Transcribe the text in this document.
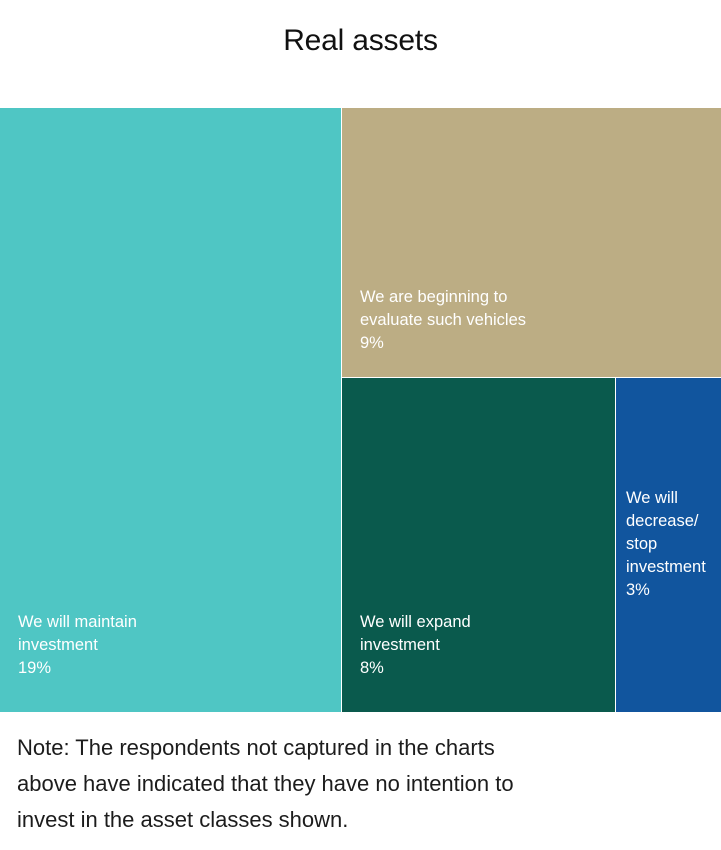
Real assets
We will maintain
investment
19%
We are beginning to
evaluate such vehicles
9%
We will expand
investment
8%
We will
decrease/
stop
investment
3%
Note: The respondents not captured in the charts
above have indicated that they have no intention to
invest in the asset classes shown.
